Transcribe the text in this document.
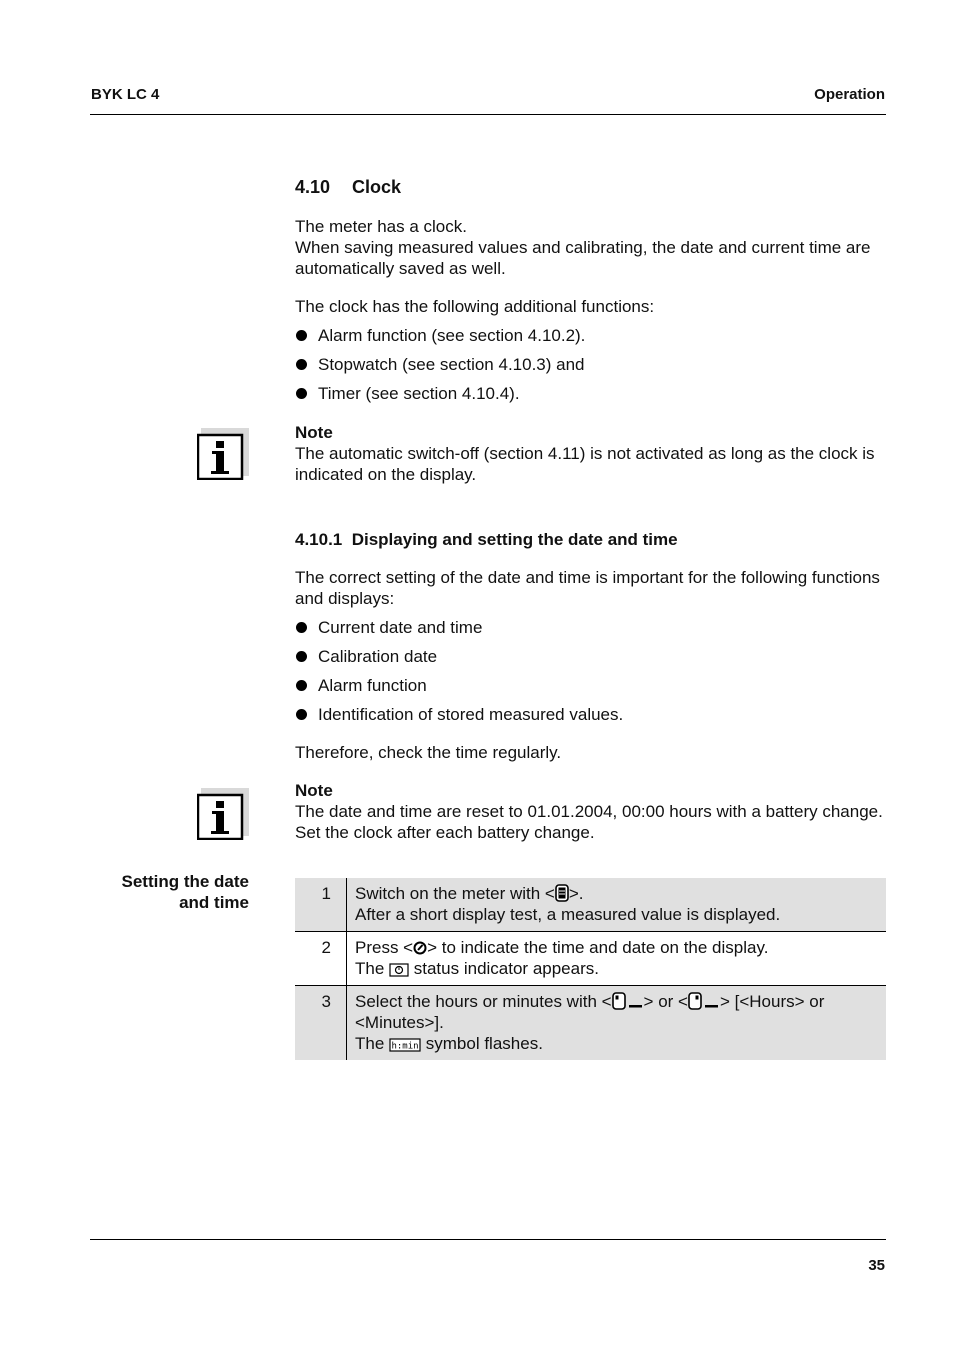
BYK LC 4	Operation
4.10 Clock
The meter has a clock.
When saving measured values and calibrating, the date and current time are automatically saved as well.
The clock has the following additional functions:
Alarm function (see section 4.10.2).
Stopwatch (see section 4.10.3) and
Timer (see section 4.10.4).
Note
The automatic switch-off (section 4.11) is not activated as long as the clock is indicated on the display.
4.10.1 Displaying and setting the date and time
The correct setting of the date and time is important for the following functions and displays:
Current date and time
Calibration date
Alarm function
Identification of stored measured values.
Therefore, check the time regularly.
Note
The date and time are reset to 01.01.2004, 00:00 hours with a battery change. Set the clock after each battery change.
Setting the date
and time	1	Switch on the meter with < >.
After a short display test, a measured value is displayed.
2	Press < > to indicate the time and date on the display.
The  status indicator appears.
3	Select the hours or minutes with < > or < > [<Hours> or <Minutes>].
The h:min symbol flashes.
35
